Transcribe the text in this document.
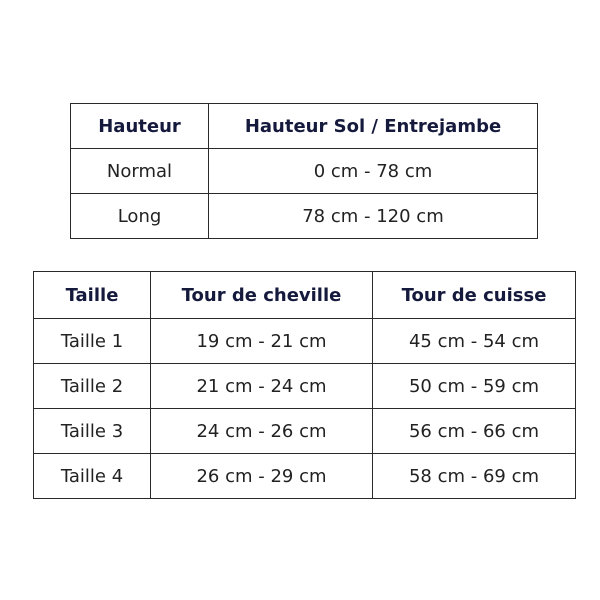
Hauteur	Hauteur Sol / Entrejambe
Normal	0 cm - 78 cm
Long	78 cm - 120 cm
Taille	Tour de cheville	Tour de cuisse
Taille 1	19 cm - 21 cm	45 cm - 54 cm
Taille 2	21 cm - 24 cm	50 cm - 59 cm
Taille 3	24 cm - 26 cm	56 cm - 66 cm
Taille 4	26 cm - 29 cm	58 cm - 69 cm
